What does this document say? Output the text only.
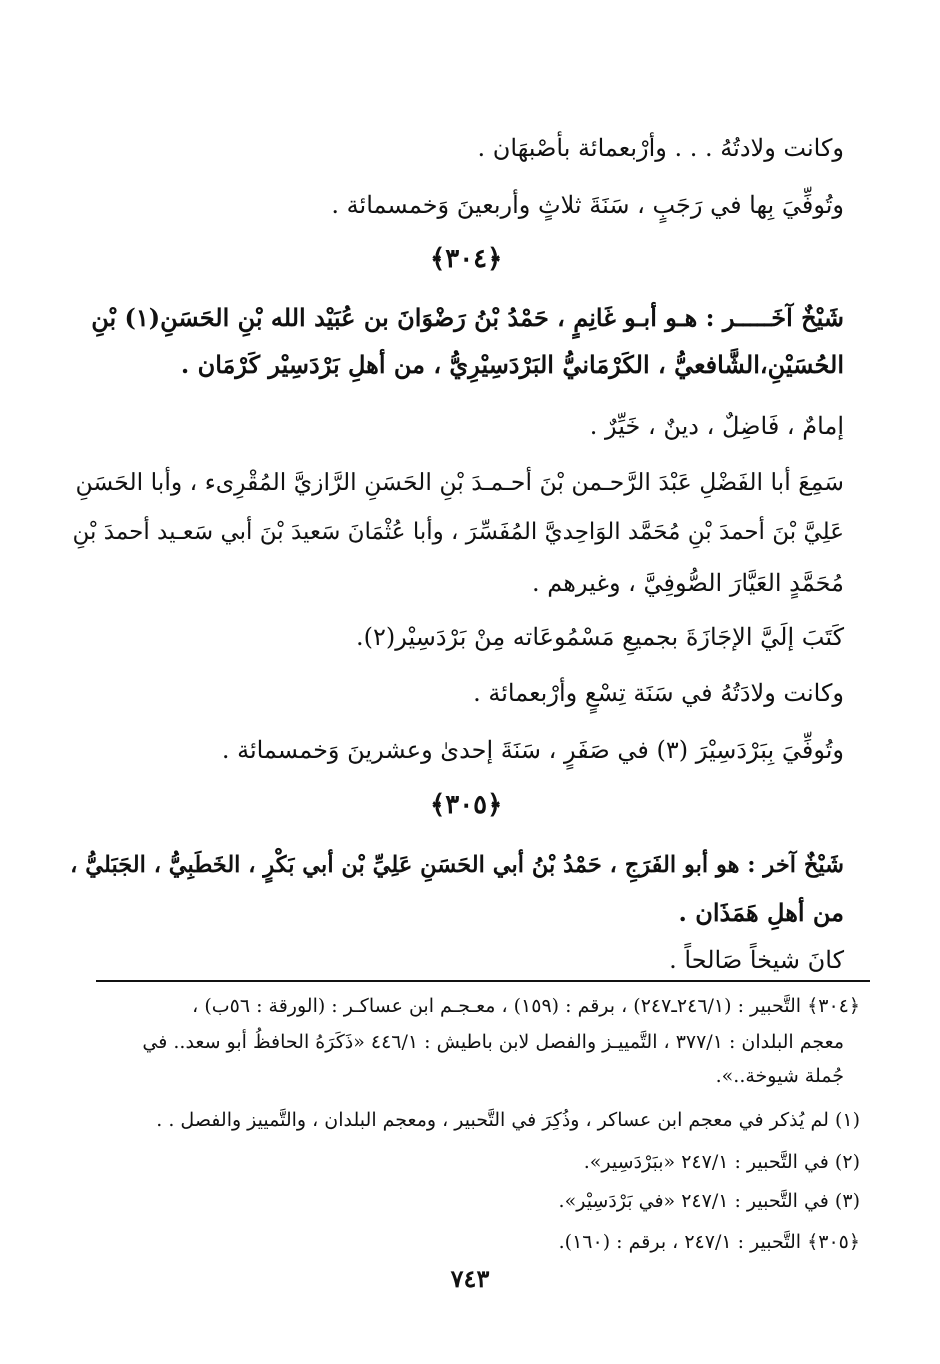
وكانت ولادتُهُ . . . وأرْبعمائة بأصْبهَان .
وتُوفِّيَ بِها في رَجَبٍ ، سَنَةَ ثلاثٍ وأربعينَ وَخمسمائة .
﴿٣٠٤﴾
شَيْخٌ آخَـــــر : هـو أبـو غَانِمٍ ، حَمْدُ بْنُ رَضْوَانَ بن عُبَيْد الله بْنِ الحَسَنِ(١) بْنِ
الحُسَيْنِ،الشَّافعيُّ ، الكَرْمَانيُّ البَرْدَسِيْرِيُّ ، من أهلِ بَرْدَسِيْر كَرْمَان .
إمامٌ ، فَاضِلٌ ، دينٌ ، خَيِّرٌ .
سَمِعَ أبا الفَضْلِ عَبْدَ الرَّحـمن بْنَ أحـمـدَ بْنِ الحَسَنِ الرَّازيَّ المُقْرِىء ، وأبا الحَسَنِ
عَلِيَّ بْنَ أحمدَ بْنِ مُحَمَّد الوَاحِديَّ المُفَسِّرَ ، وأبا عُثْمَانَ سَعيدَ بْنَ أبي سَعـيد أحمدَ بْنِ
مُحَمَّدٍ العَيَّارَ الصُّوفِيَّ ، وغيرهم .
كَتَبَ إلَيَّ الإجَازَةَ بجميعِ مَسْمُوعَاته مِنْ بَرْدَسِيْر(٢).
وكانت ولادَتُهُ في سَنَة تِسْعٍ وأرْبعمائة .
وتُوفِّيَ بِبَرْدَسِيْرَ (٣) في صَفَرٍ ، سَنَةَ إحدىٰ وعشرينَ وَخمسمائة .
﴿٣٠٥﴾
شَيْخٌ آخر : هو أبو الفَرَجِ ، حَمْدُ بْنُ أبي الحَسَنِ عَلِيِّ بْن أبي بَكْرٍ ، الخَطَبِيُّ ، الجَبَليُّ ،
من أهلِ هَمَذَان .
كانَ شيخاً صَالحاً .
﴿٣٠٤﴾ التَّحبير : (٢٤٦/١ـ٢٤٧) ، برقم : (١٥٩) ، معـجـم ابن عساكـر : (الورقة : ٥٦ب) ،
معجم البلدان : ٣٧٧/١ ، التَّمييـز والفصل لابن باطيش : ٤٤٦/١ «ذَكَرَهُ الحافظُ أبو سعد.. في
جُملة شيوخة..».
(١) لم يُذكر في معجم ابن عساكر ، وذُكِرَ في التَّحبير ، ومعجم البلدان ، والتَّمييز والفصل . .
(٢) في التَّحبير : ٢٤٧/١ «ببَرْدَسِير».
(٣) في التَّحبير : ٢٤٧/١ «في بَرْدَسِيْر».
﴿٣٠٥﴾ التَّحبير : ٢٤٧/١ ، برقم : (١٦٠).
٧٤٣
